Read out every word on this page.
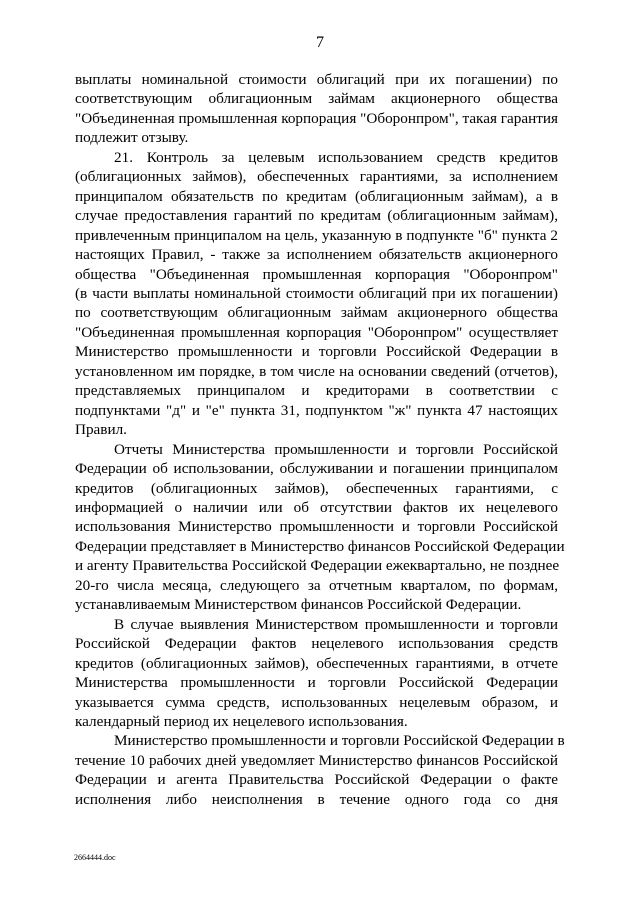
7
выплаты номинальной стоимости облигаций при их погашении) по
соответствующим облигационным займам акционерного общества
"Объединенная промышленная корпорация "Оборонпром", такая гарантия
подлежит отзыву.
21. Контроль за целевым использованием средств кредитов
(облигационных займов), обеспеченных гарантиями, за исполнением
принципалом обязательств по кредитам (облигационным займам), а в
случае предоставления гарантий по кредитам (облигационным займам),
привлеченным принципалом на цель, указанную в подпункте "б" пункта 2
настоящих Правил, - также за исполнением обязательств акционерного
общества "Объединенная промышленная корпорация "Оборонпром"
(в части выплаты номинальной стоимости облигаций при их погашении)
по соответствующим облигационным займам акционерного общества
"Объединенная промышленная корпорация "Оборонпром" осуществляет
Министерство промышленности и торговли Российской Федерации в
установленном им порядке, в том числе на основании сведений (отчетов),
представляемых принципалом и кредиторами в соответствии с
подпунктами "д" и "е" пункта 31, подпунктом "ж" пункта 47 настоящих
Правил.
Отчеты Министерства промышленности и торговли Российской
Федерации об использовании, обслуживании и погашении принципалом
кредитов (облигационных займов), обеспеченных гарантиями, с
информацией о наличии или об отсутствии фактов их нецелевого
использования Министерство промышленности и торговли Российской
Федерации представляет в Министерство финансов Российской Федерации
и агенту Правительства Российской Федерации ежеквартально, не позднее
20-го числа месяца, следующего за отчетным кварталом, по формам,
устанавливаемым Министерством финансов Российской Федерации.
В случае выявления Министерством промышленности и торговли
Российской Федерации фактов нецелевого использования средств
кредитов (облигационных займов), обеспеченных гарантиями, в отчете
Министерства промышленности и торговли Российской Федерации
указывается сумма средств, использованных нецелевым образом, и
календарный период их нецелевого использования.
Министерство промышленности и торговли Российской Федерации в
течение 10 рабочих дней уведомляет Министерство финансов Российской
Федерации и агента Правительства Российской Федерации о факте
исполнения либо неисполнения в течение одного года со дня
2664444.doc
